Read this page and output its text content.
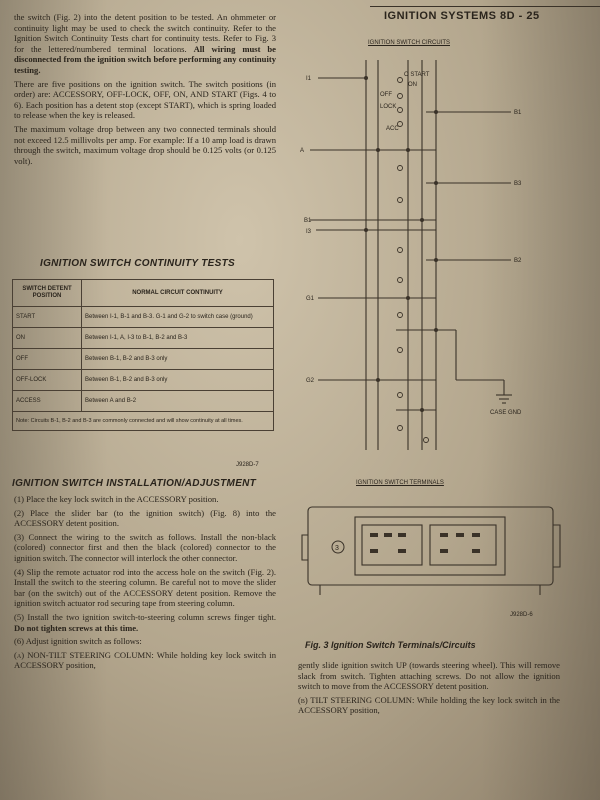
IGNITION SYSTEMS 8D - 25

the switch (Fig. 2) into the detent position to be tested. An ohmmeter or continuity light may be used to check the switch continuity. Refer to the Ignition Switch Continuity Tests chart for continuity tests. Refer to Fig. 3 for the lettered/numbered terminal locations. All wiring must be disconnected from the ignition switch before performing any continuity testing.

There are five positions on the ignition switch. The switch positions (in order) are: ACCESSORY, OFF-LOCK, OFF, ON, AND START (Figs. 4 to 6). Each position has a detent stop (except START), which is spring loaded to release when the key is released.

The maximum voltage drop between any two connected terminals should not exceed 12.5 millivolts per amp. For example: If a 10 amp load is drawn through the switch, maximum voltage drop should be 0.125 volts (or 0.125 volt).

IGNITION SWITCH CONTINUITY TESTS
SWITCH DETENT POSITION	NORMAL CIRCUIT CONTINUITY
START	Between I-1, B-1 and B-3. G-1 and G-2 to switch case (ground)
ON	Between I-1, A, I-3 to B-1, B-2 and B-3
OFF	Between B-1, B-2 and B-3 only
OFF-LOCK	Between B-1, B-2 and B-3 only
ACCESS	Between A and B-2
Note: Circuits B-1, B-2 and B-3 are commonly connected and will show continuity at all times.	
J928D-7
IGNITION SWITCH INSTALLATION/ADJUSTMENT

(1) Place the key lock switch in the ACCESSORY position.

(2) Place the slider bar (to the ignition switch) (Fig. 8) into the ACCESSORY detent position.

(3) Connect the wiring to the switch as follows. Install the non-black (colored) connector first and then the black (colored) connector to the ignition switch. The connector will interlock the other connector.

(4) Slip the remote actuator rod into the access hole on the switch (Fig. 2). Install the switch to the steering column. Be careful not to move the slider bar (on the switch) out of the ACCESSORY detent position. Remove the ignition switch actuator rod securing tape from steering column.

(5) Install the two ignition switch-to-steering column screws finger tight. Do not tighten screws at this time.

(6) Adjust ignition switch as follows:

(a) NON-TILT STEERING COLUMN: While holding key lock switch in ACCESSORY position,

IGNITION SWITCH CIRCUITS
I1
B1
A
B3
B1
I3
B2
G1
G2
O START
ON
OFF
LOCK
ACC
CASE GND
IGNITION SWITCH TERMINALS
3
J928D-6
Fig. 3 Ignition Switch Terminals/Circuits

gently slide ignition switch UP (towards steering wheel). This will remove slack from switch. Tighten attaching screws. Do not allow the ignition switch to move from the ACCESSORY detent position.

(b) TILT STEERING COLUMN: While holding the key lock switch in the ACCESSORY position,
